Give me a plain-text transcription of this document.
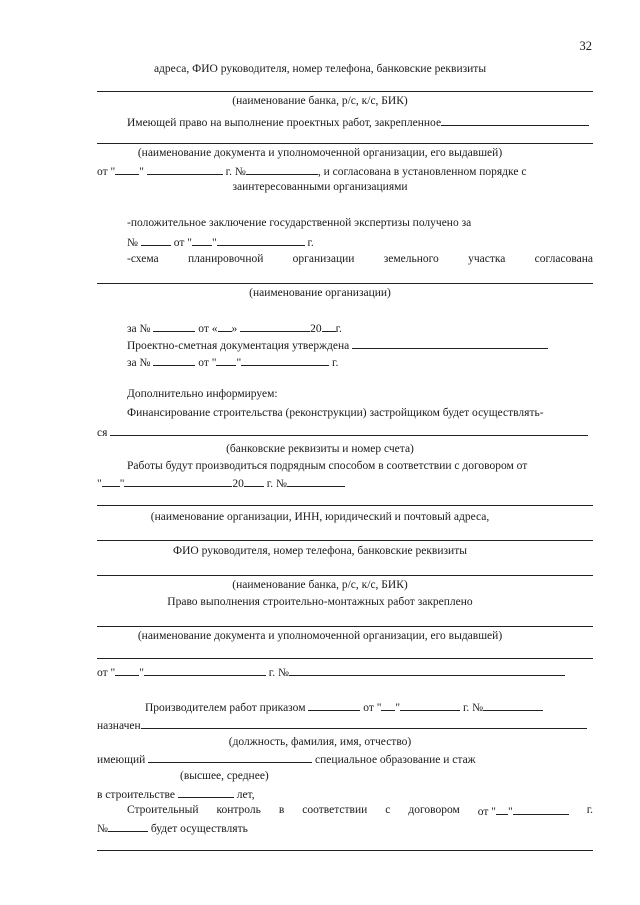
32
адреса, ФИО руководителя, номер телефона, банковские реквизиты
(наименование банка, р/с, к/с, БИК)
Имеющей право на выполнение проектных работ, закрепленное
(наименование документа и уполномоченной организации, его выдавшей)
от " "	г. №	, и согласована в установленном порядке с
заинтересованными организациями
-положительное заключение государственной экспертизы получено за
№	от " "	г.
-схема	планировочной	организации	земельного	участка	согласована
(наименование организации)
за №	от « »	20 г.
Проектно-сметная документация утверждена
за №	от " "	г.
Дополнительно информируем:
Финансирование строительства (реконструкции) застройщиком будет осуществлять-
ся
(банковские реквизиты и номер счета)
Работы будут производиться подрядным способом в соответствии с договором от
" "	20 г. №
(наименование организации, ИНН, юридический и почтовый адреса,
ФИО руководителя, номер телефона, банковские реквизиты
(наименование банка, р/с, к/с, БИК)
Право выполнения строительно-монтажных работ закреплено
(наименование документа и уполномоченной организации, его выдавшей)
от " "	г. №
Производителем работ приказом	от " "	г. №
назначен
(должность, фамилия, имя, отчество)
имеющий	специальное образование и стаж
(высшее, среднее)
в строительстве	лет,
Строительный контроль в соответствии с договором от " "	г.
№	будет осуществлять
